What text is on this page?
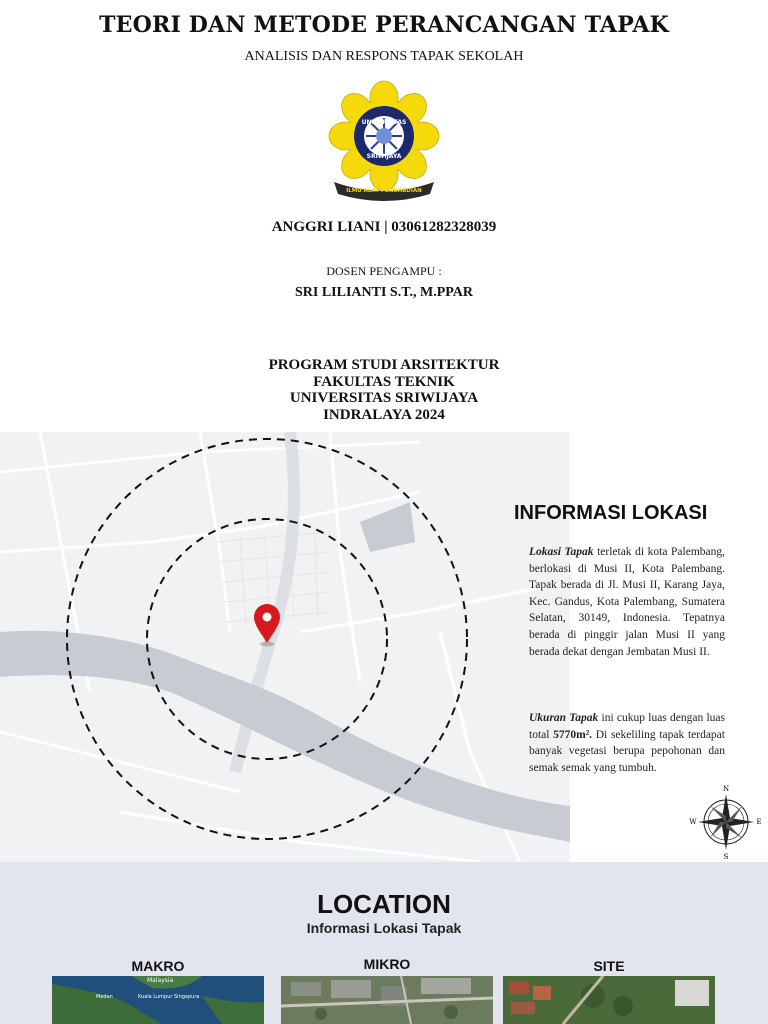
TEORI DAN METODE PERANCANGAN TAPAK
ANALISIS DAN RESPONS TAPAK SEKOLAH
ILMU ALAT PENGABDIAN
UNIVERSITAS
SRIWIJAYA
ANGGRI LIANI | 03061282328039
DOSEN PENGAMPU :
SRI LILIANTI S.T., M.PPAR
PROGRAM STUDI ARSITEKTUR
FAKULTAS TEKNIK
UNIVERSITAS SRIWIJAYA
INDRALAYA 2024
INFORMASI LOKASI

Lokasi Tapak terletak di kota Palembang, berlokasi di Musi II, Kota Palembang. Tapak berada di Jl. Musi II, Karang Jaya, Kec. Gandus, Kota Palembang, Sumatera Selatan, 30149, Indonesia. Tepatnya berada di pinggir jalan Musi II yang berada dekat dengan Jembatan Musi II.

Ukuran Tapak ini cukup luas dengan luas total 5770m². Di sekeliling tapak terdapat banyak vegetasi berupa pepohonan dan semak semak yang tumbuh.

N
S
E
W
LOCATION
Informasi Lokasi Tapak
MAKRO	MIKRO	SITE
Malaysia
Medan	Kuala Lumpur Singapura
